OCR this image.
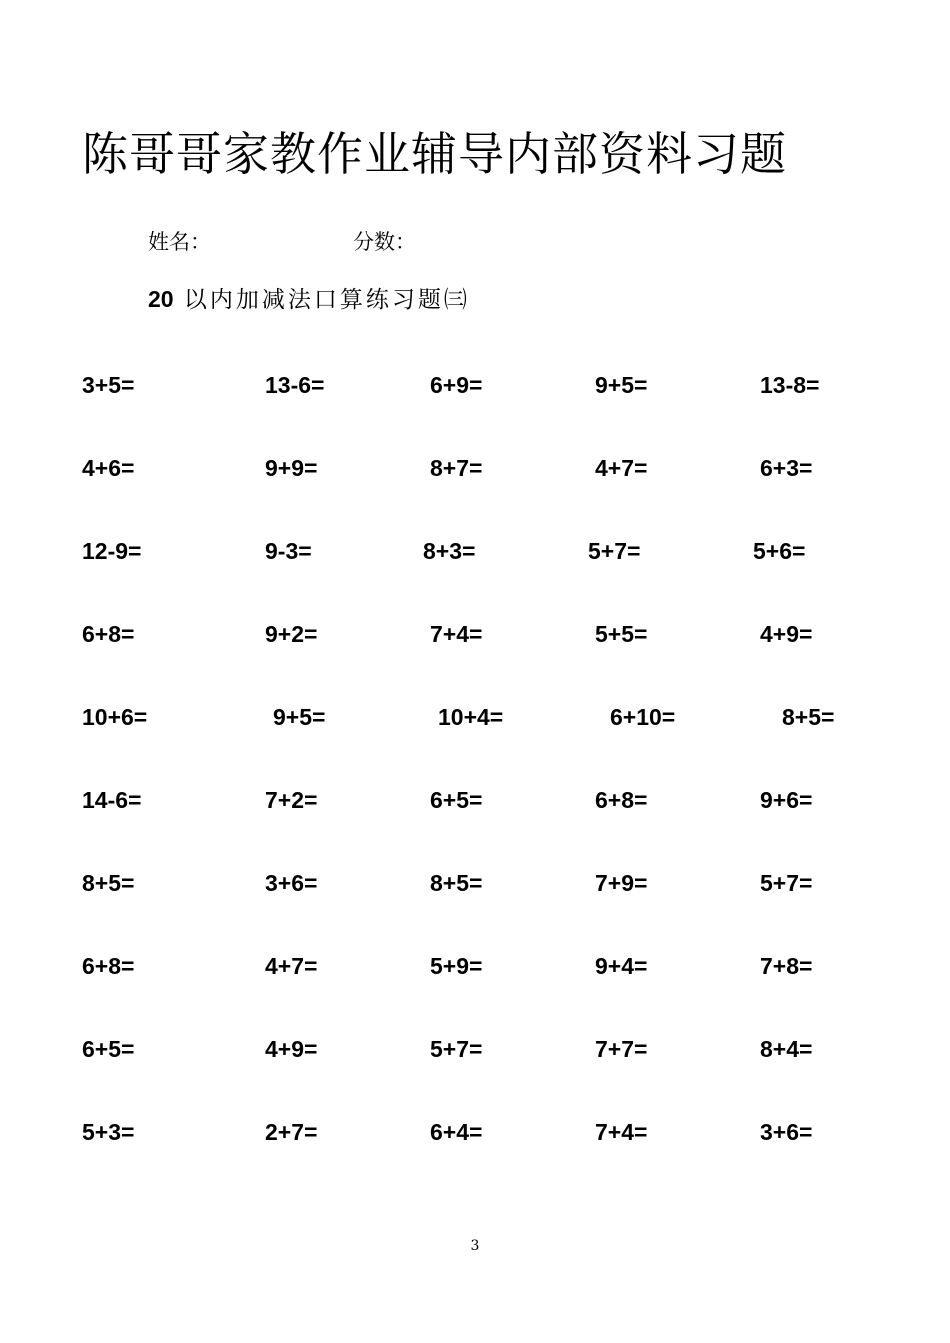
陈哥哥家教作业辅导内部资料习题
姓名：	分数：
20 以内加减法口算练习题㈢
3+5=	13-6=	6+9=	9+5=	13-8=
4+6=	9+9=	8+7=	4+7=	6+3=
12-9=	9-3=	8+3=	5+7=	5+6=
6+8=	9+2=	7+4=	5+5=	4+9=
10+6=	9+5=	10+4=	6+10=	8+5=
14-6=	7+2=	6+5=	6+8=	9+6=
8+5=	3+6=	8+5=	7+9=	5+7=
6+8=	4+7=	5+9=	9+4=	7+8=
6+5=	4+9=	5+7=	7+7=	8+4=
5+3=	2+7=	6+4=	7+4=	3+6=
3
